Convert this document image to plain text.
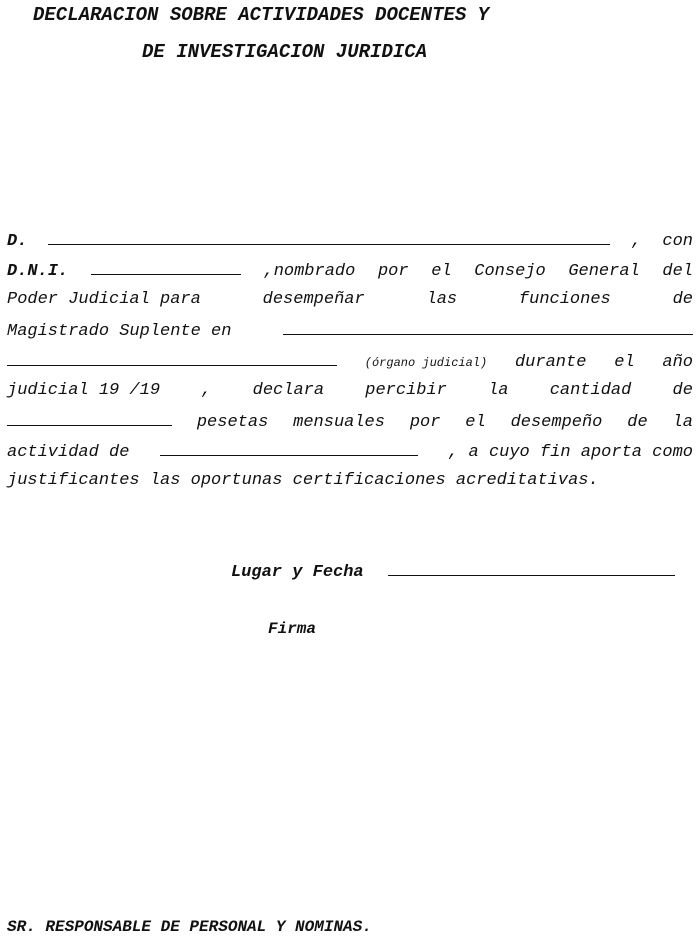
DECLARACION SOBRE ACTIVIDADES DOCENTES Y
DE INVESTIGACION JURIDICA
D.	, con
D.N.I.	,nombrado por el Consejo General del
Poder Judicial para	desempeñar	las	funciones	de
Magistrado Suplente en
(órgano judicial) durante el año
judicial 19 /19 , declara percibir la cantidad de
pesetas mensuales por el desempeño de la
actividad de	, a cuyo fin aporta como
justificantes las oportunas certificaciones acreditativas.
Lugar y Fecha
Firma
SR. RESPONSABLE DE PERSONAL Y NOMINAS.
